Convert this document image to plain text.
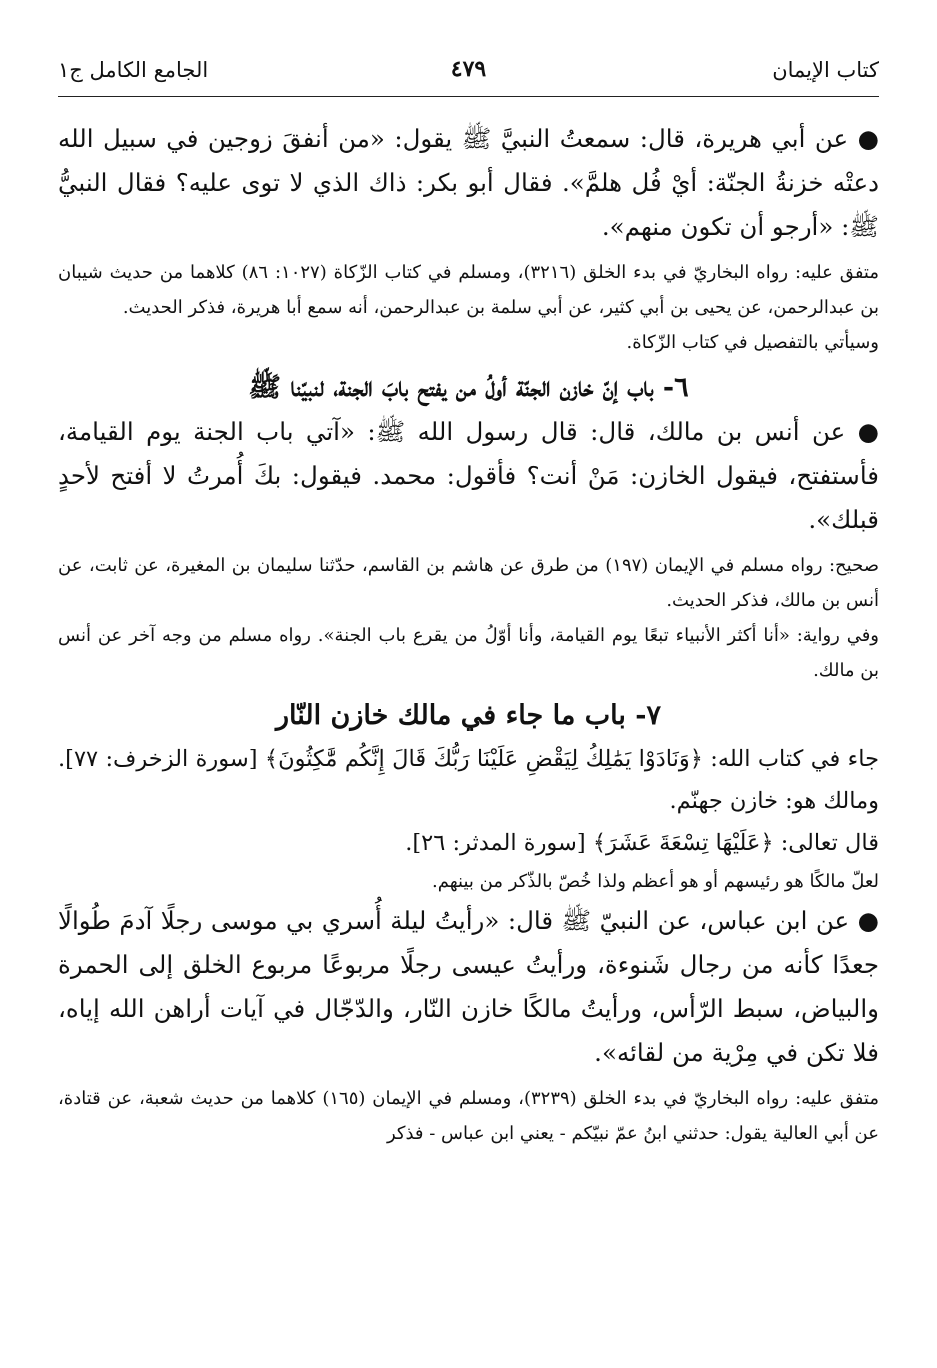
كتاب الإيمان
٤٧٩
الجامع الكامل ج١

● عن أبي هريرة، قال: سمعتُ النبيَّ ﷺ يقول: «من أنفقَ زوجين في سبيل الله دعتْه خزنةُ الجنّة: أيْ فُل هلمَّ». فقال أبو بكر: ذاك الذي لا توى عليه؟ فقال النبيُّ ﷺ: «أرجو أن تكون منهم».

متفق عليه: رواه البخاريّ في بدء الخلق (٣٢١٦)، ومسلم في كتاب الزّكاة (١٠٢٧: ٨٦) كلاهما من حديث شيبان بن عبدالرحمن، عن يحيى بن أبي كثير، عن أبي سلمة بن عبدالرحمن، أنه سمع أبا هريرة، فذكر الحديث.

وسيأتي بالتفصيل في كتاب الزّكاة.

٦- باب إنّ خازن الجنّة أولُ من يفتح بابَ الجنة، لنبيّنا ﷺ

● عن أنس بن مالك، قال: قال رسول الله ﷺ: «آتي باب الجنة يوم القيامة، فأستفتح، فيقول الخازن: مَنْ أنت؟ فأقول: محمد. فيقول: بكَ أُمرتُ لا أفتح لأحدٍ قبلك».

صحيح: رواه مسلم في الإيمان (١٩٧) من طرق عن هاشم بن القاسم، حدّثنا سليمان بن المغيرة، عن ثابت، عن أنس بن مالك، فذكر الحديث.

وفي رواية: «أنا أكثر الأنبياء تبعًا يوم القيامة، وأنا أوّلُ من يقرع باب الجنة». رواه مسلم من وجه آخر عن أنس بن مالك.

٧- باب ما جاء في مالك خازن النّار

جاء في كتاب الله: ﴿وَنَادَوْا يَمَٰلِكُ لِيَقْضِ عَلَيْنَا رَبُّكَ قَالَ إِنَّكُم مَّٰكِثُونَ﴾ [سورة الزخرف: ٧٧]. ومالك هو: خازن جهنّم.

قال تعالى: ﴿عَلَيْهَا تِسْعَةَ عَشَرَ﴾ [سورة المدثر: ٢٦].

لعلّ مالكًا هو رئيسهم أو هو أعظم ولذا خُصّ بالذّكر من بينهم.

● عن ابن عباس، عن النبيّ ﷺ قال: «رأيتُ ليلة أُسري بي موسى رجلًا آدمَ طُوالًا جعدًا كأنه من رجال شَنوءة، ورأيتُ عيسى رجلًا مربوعًا مربوع الخلق إلى الحمرة والبياض، سبط الرّأس، ورأيتُ مالكًا خازن النّار، والدّجّال في آيات أراهن الله إياه، فلا تكن في مِرْية من لقائه».

متفق عليه: رواه البخاريّ في بدء الخلق (٣٢٣٩)، ومسلم في الإيمان (١٦٥) كلاهما من حديث شعبة، عن قتادة، عن أبي العالية يقول: حدثني ابنُ عمّ نبيّكم - يعني ابن عباس - فذكر
